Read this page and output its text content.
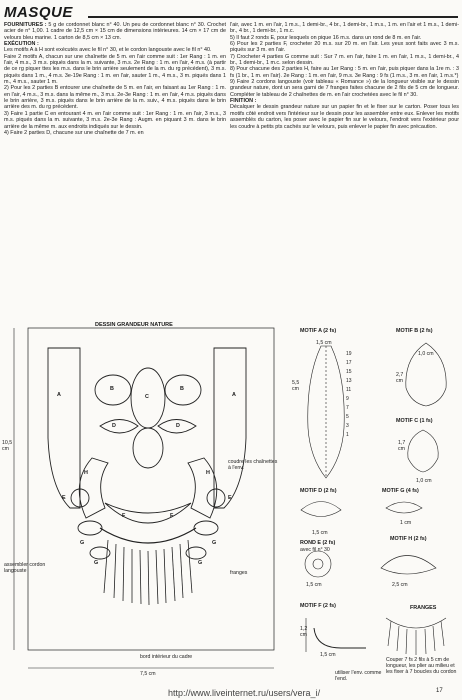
MASQUE

FOURNITURES : 5 g de cordonnet blanc n° 40. Un peu de cordonnet blanc n° 30. Crochet acier de n° 1,00. 1 cadre de 12,5 cm × 15 cm de dimensions intérieures. 14 cm × 17 cm de velours bleu marine. 1 carton de 8,5 cm × 13 cm.

EXÉCUTION :

Les motifs A à H sont exécutés avec le fil n° 30, et le cordon langouste avec le fil n° 40.

Faire 2 motifs A, chacun sur une chaînette de 5 m. en l'air comme suit : 1er Rang : 1 m. en l'air, 4 m.s., 3 m.s. piqués dans la m. suivante, 3 m.s. 2e Rang : 1 m. en l'air, 4 m.s. (à partir de ce rg piquer ttes les m.s. dans le brin arrière seulement de la m. du rg précédent), 3 m.s. piqués dans 1 m., 4 m.s. 3e-19e Rang : 1 m. en l'air, sauter 1 m., 4 m.s., 3 m. piqués dans 1 m., 4 m.s., sauter 1 m.

2) Pour les 2 parties B entourer une chaînette de 5 m. en l'air, en faisant au 1er Rang : 1 m. en l'air, 4 m.s., 3 m.s. dans la même m., 3 m.s. 2e-3e Rang : 1 m. en l'air, 4 m.s. piqués dans le brin arrière, 3 m.s. piqués dans le brin arrière de la m. suiv., 4 m.s. piqués dans le brin arrière des m. du rg précédent.

3) Faire 1 partie C en entourant 4 m. en l'air comme suit : 1er Rang : 1 m. en l'air, 3 m.s., 3 m.s. piqués dans la m. suivante, 3 m.s. 2e-3e Rang : Augm. en piquant 3 m. dans le brin arrière de la même m. aux endroits indiqués sur le dessin.

4) Faire 2 parties D, chacune sur une chaînette de 7 m. en

l'air, avec 1 m. en l'air, 1 m.s., 1 demi-br., 4 br., 1 demi-br., 1 m.s., 1 m. en l'air et 1 m.s., 1 demi-br., 4 br., 1 demi-br., 1 m.c.

5) Il faut 2 ronds E, pour lesquels on pique 16 m.s. dans un rond de 8 m. en l'air.

6) Pour les 2 parties F, crocheter 20 m.s. sur 20 m. en l'air. Les yeux sont faits avec 3 m.s. piqués sur 3 m. en l'air.

7) Crocheter 4 parties G comme suit : Sur 7 m. en l'air, faire 1 m. en l'air, 1 m.s., 1 demi-br., 4 br., 1 demi-br., 1 m.c. selon dessin.

8) Pour chacune des 2 parties H, faire au 1er Rang : 5 m. en l'air, puis piquer dans la 1re m. : 3 fs (1 br., 1 m. en l'air). 2e Rang : 1 m. en l'air, 9 m.s. 3e Rang : 9 fs (1 m.s., 3 m. en l'air, 1 m.s.*)

9) Faire 2 cordons langouste (voir tableau « Romance ») de la longueur visible sur le dessin grandeur nature, dont un sera garni de 7 franges faites chacune de 2 fils de 5 cm de longueur. Compléter le tableau de 2 chaînettes de m. en l'air crochetées avec le fil n° 30.

FINITION :

Décalquer le dessin grandeur nature sur un papier fin et le fixer sur le carton. Poser tous les motifs côté endroit vers l'intérieur sur le dessin pour les assembler entre eux. Enlever les motifs assemblés du carton, les poser avec le papier fin sur le velours, l'endroit vers l'extérieur pour les coudre à petits pts cachés sur le velours, puis enlever le papier fin avec précaution.

DESSIN GRANDEUR NATURE
A	A
B	B
C
D	D
E	E
F	F
G	G
G	G
H	H
coudre les chaînettes à l'env.
franges
assembler cordon langouste
bord intérieur du cadre
10,5 cm
7,5 cm
MOTIF A (2 fs)
1,5 cm
5,5 cm
19
17
15
13
11
9
7
5
3
1
MOTIF B (2 fs)
1,0 cm
2,7 cm
MOTIF C (1 fs)
1,0 cm
1,7 cm
MOTIF D (2 fs)
1,5 cm
MOTIF G (4 fs)
1 cm
ROND E (2 fs)
avec fil n° 30
1,5 cm
MOTIF H (2 fs)
2,5 cm
MOTIF F (2 fs)
1,2 cm
1,5 cm
utiliser l'env. comme l'end.
FRANGES
Couper 7 fs 2 fils à 5 cm de longueur, les plier au milieu et les fixer à 7 boucles du cordon
http://www.liveinternet.ru/users/vera_i/	17
